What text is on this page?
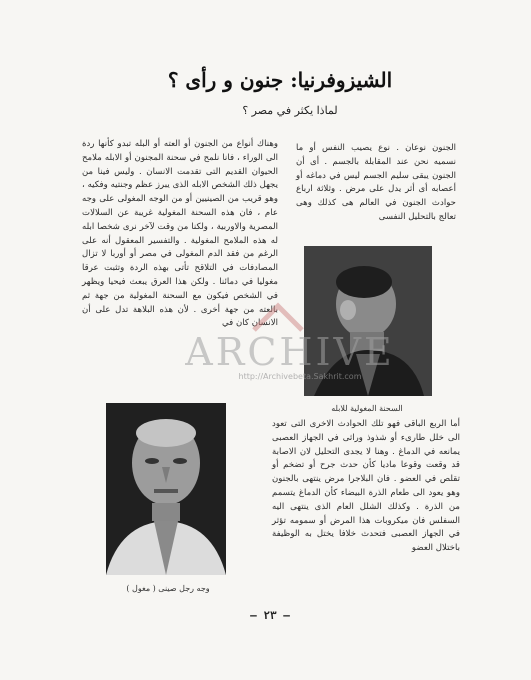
الشيزوفرنيا: جنون و رأى ؟
لماذا يكثر في مصر ؟

وهناك أنواع من الجنون أو العته أو البله تبدو كأنها ردة الى الوراء ، فانا نلمح في سحنة المجنون أو الابله ملامح الحيوان القديم التى تقدمت الانسان . وليس فينا من يجهل ذلك الشخص الابله الذى يبرز عظم وجنتيه وفكيه ، وهو قريب من الصينيين أو من الوجه المغولى على وجه عام ، فان هذه السحنة المغولية غريبة عن السلالات المصرية والاوربية ، ولكنا من وقت لآخر نرى شخصا ابله له هذه الملامح المغولية . والتفسير المعقول أنه على الرغم من فقد الدم المغولى في مصر أو أوربا لا تزال المصادفات في التلاقح تأتى بهذه الردة وتثبت عرقا مغوليا في دمائنا . ولكن هذا العرق يبعث فيحيا ويظهر في الشخص فيكون مع السحنة المغولية من جهة ثم بالعته من جهة أخرى . لأن هذه البلاهة تدل على أن الانسان كان في

الجنون نوعان . نوع يصيب النفس أو ما نسميه نحن عند المقابلة بالجسم . أى أن الجنون يبقى سليم الجسم ليس في دماغه أو أعصابه أى أثر يدل على مرض . وثلاثة ارباع حوادث الجنون في العالم هى كذلك وهى تعالج بالتحليل النفسى

السحنة المغولية للابله
وجه رجل صينى ( مغول )

أما الربع الباقى فهو تلك الحوادث الاخرى التى تعود الى خلل طارىء أو شذوذ وراثى في الجهاز العصبى يمانعه في الدماغ . وهنا لا يجدى التحليل لان الاصابة قد وقعت وقوعا ماديا كأن حدث جرح أو تضخم أو تقلص في العضو . فان البلاجرا مرض ينتهى بالجنون وهو يعود الى طعام الذرة البيضاء كأن الدماغ يتسمم من الذرة . وكذلك الشلل العام الذى ينتهى اليه السفلس فان ميكروبات هذا المرض أو سمومه تؤثر في الجهاز العصبى فتحدث خلافا يختل به الوظيفة باختلال العضو

ARCHIVE
http://Archivebeta.Sakhrit.com
— ٢٣ —
